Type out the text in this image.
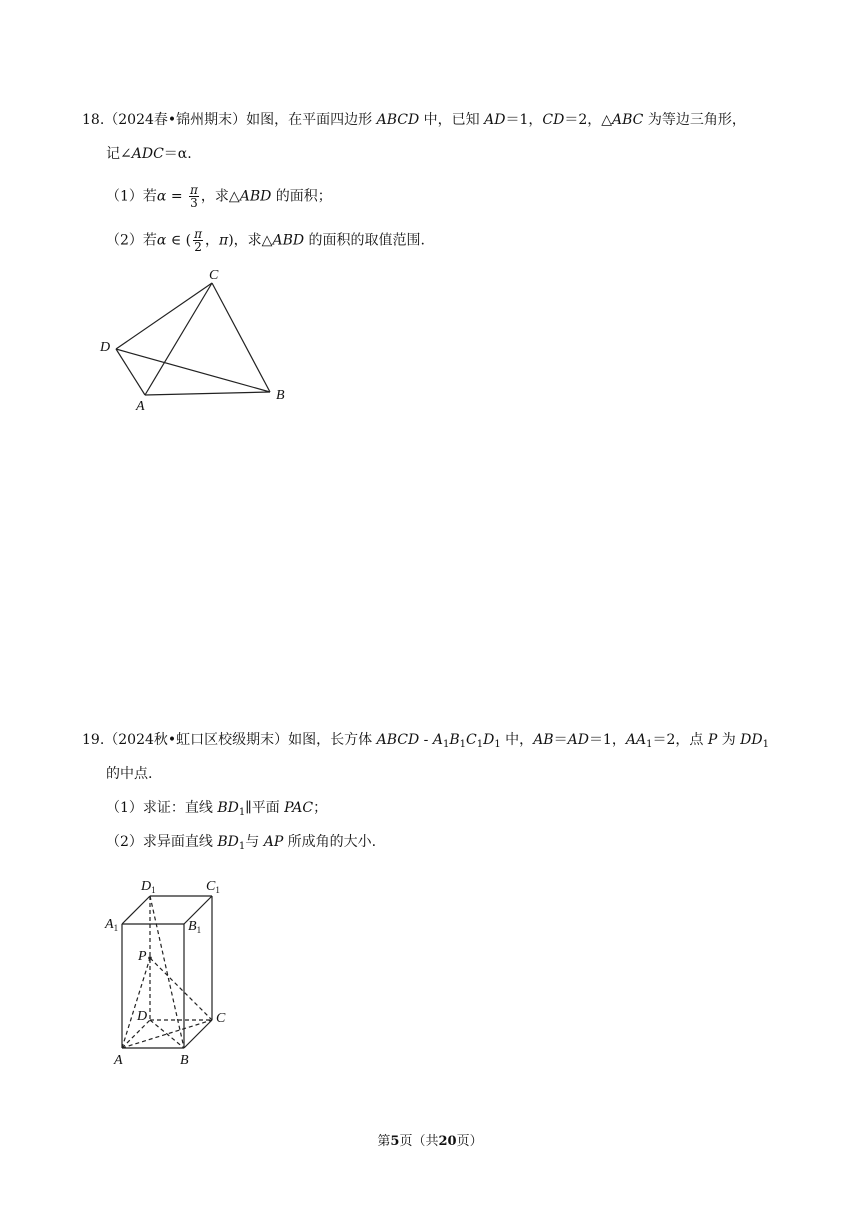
18.（2024春•锦州期末）如图，在平面四边形 ABCD 中，已知 AD＝1，CD＝2，△ABC 为等边三角形，
记∠ADC＝α.
（1）若$\alpha = \frac{\pi}{3}$ ，求△ABD 的面积；
（2）若α ∈ ( $\frac{\pi}{2}$ ，π)，求△ABD 的面积的取值范围.
C
D
A
B
19.（2024秋•虹口区校级期末）如图，长方体 ABCD ‐ $A_1B_1C_1D_1$ 中，AB＝AD＝1，$AA_1=2$，点 P 为 $DD_1$
的中点.
（1）求证：直线 $BD_1\parallel$平面 PAC；
（2）求异面直线 $BD_1$与 AP 所成角的大小.
$D_1$	$C_1$
$A_1$	$B_1$
P
D	C
A	B
第5页（共20页）
